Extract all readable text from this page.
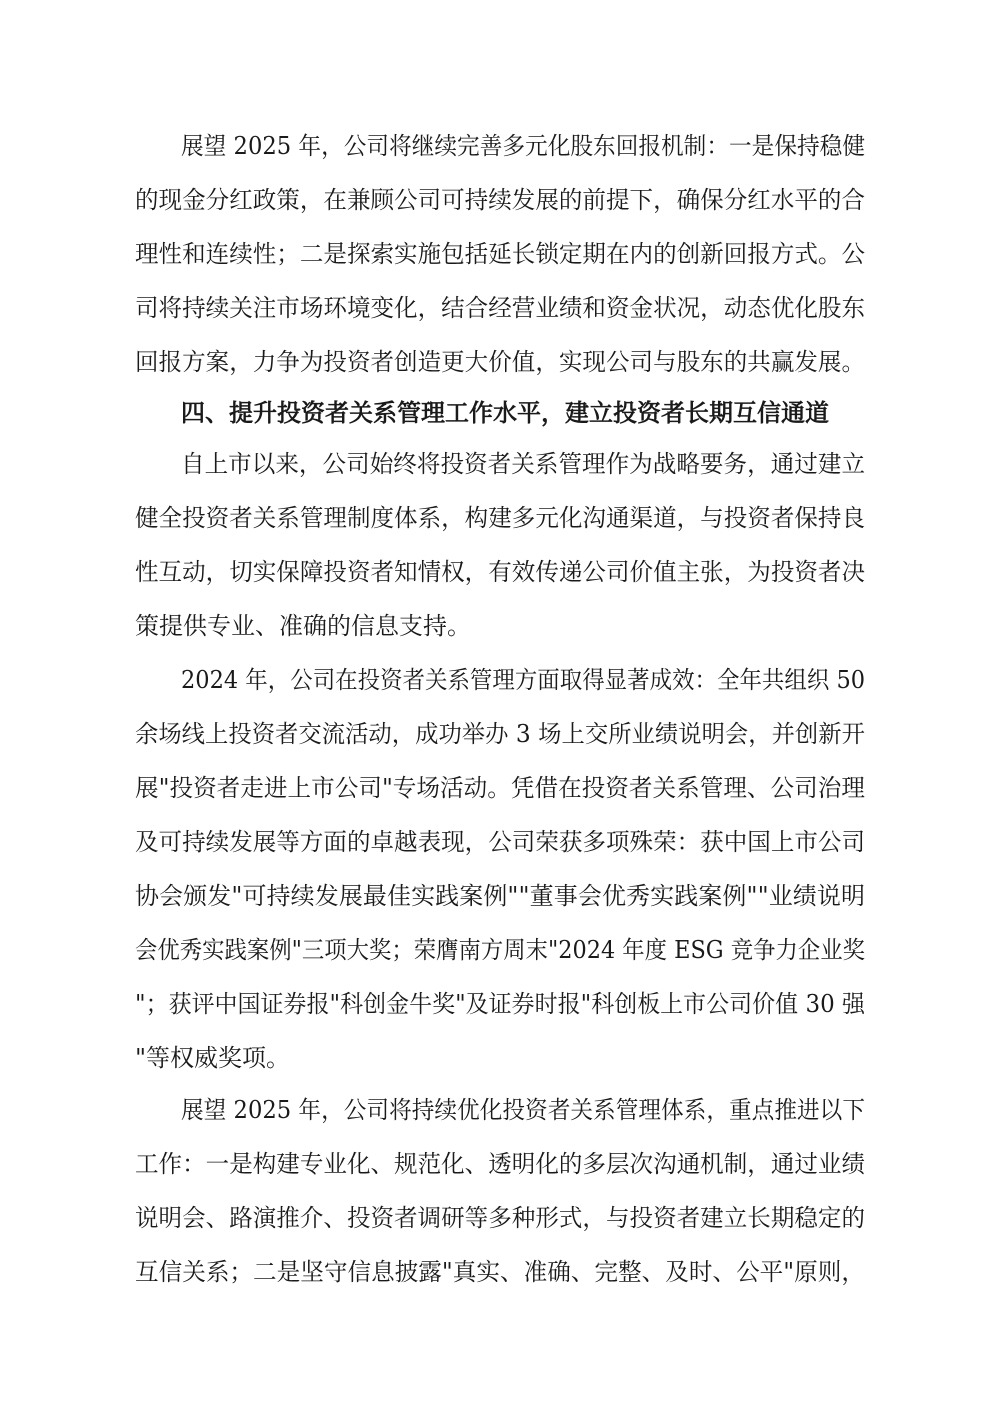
展望 2025 年，公司将继续完善多元化股东回报机制：一是保持稳健
的现金分红政策，在兼顾公司可持续发展的前提下，确保分红水平的合
理性和连续性；二是探索实施包括延长锁定期在内的创新回报方式。公
司将持续关注市场环境变化，结合经营业绩和资金状况，动态优化股东
回报方案，力争为投资者创造更大价值，实现公司与股东的共赢发展。
四、提升投资者关系管理工作水平，建立投资者长期互信通道
自上市以来，公司始终将投资者关系管理作为战略要务，通过建立
健全投资者关系管理制度体系，构建多元化沟通渠道，与投资者保持良
性互动，切实保障投资者知情权，有效传递公司价值主张，为投资者决
策提供专业、准确的信息支持。
2024 年，公司在投资者关系管理方面取得显著成效：全年共组织 50
余场线上投资者交流活动，成功举办 3 场上交所业绩说明会，并创新开
展"投资者走进上市公司"专场活动。凭借在投资者关系管理、公司治理
及可持续发展等方面的卓越表现，公司荣获多项殊荣：获中国上市公司
协会颁发"可持续发展最佳实践案例""董事会优秀实践案例""业绩说明
会优秀实践案例"三项大奖；荣膺南方周末"2024 年度 ESG 竞争力企业奖
"；获评中国证券报"科创金牛奖"及证券时报"科创板上市公司价值 30 强
"等权威奖项。
展望 2025 年，公司将持续优化投资者关系管理体系，重点推进以下
工作：一是构建专业化、规范化、透明化的多层次沟通机制，通过业绩
说明会、路演推介、投资者调研等多种形式，与投资者建立长期稳定的
互信关系；二是坚守信息披露"真实、准确、完整、及时、公平"原则，
